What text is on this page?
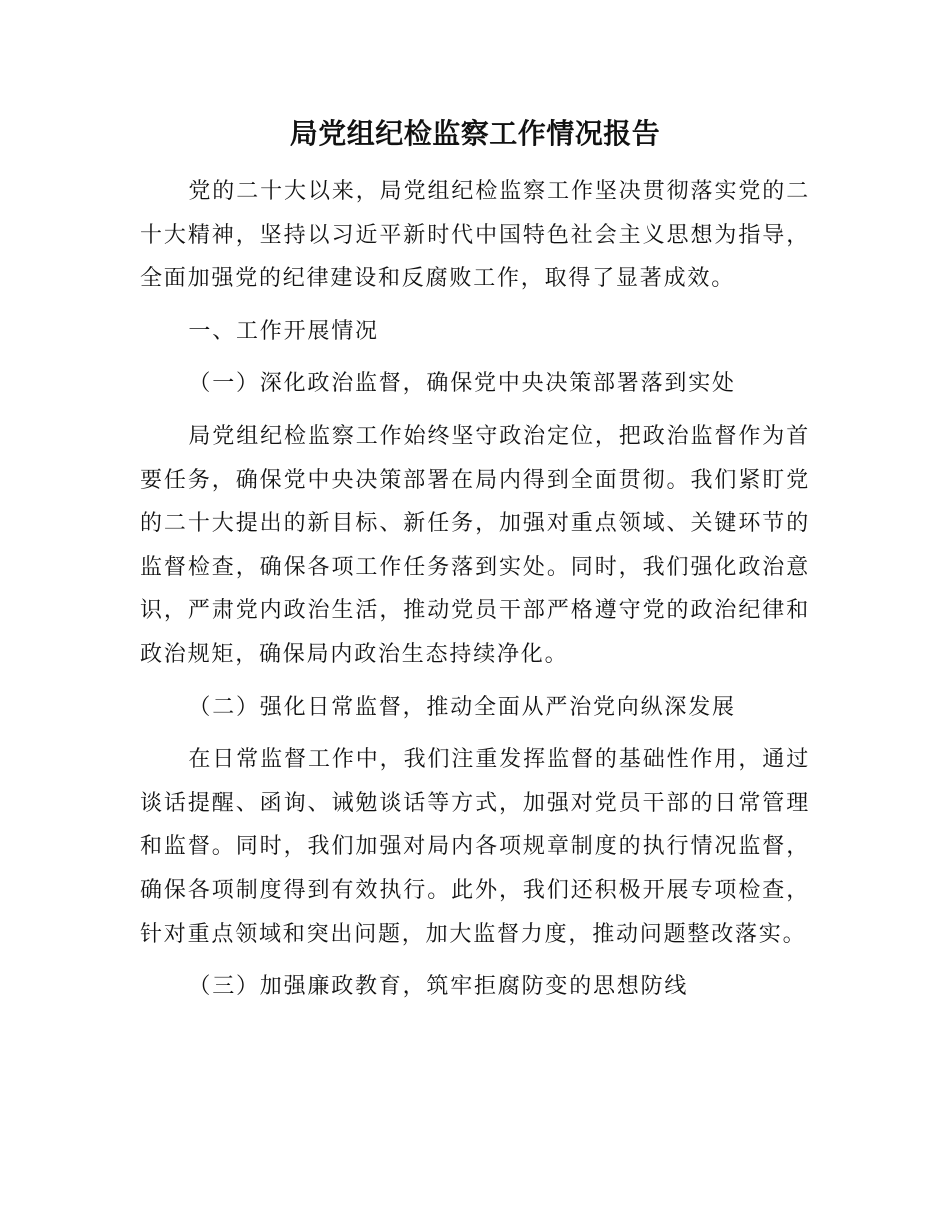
局党组纪检监察工作情况报告

党的二十大以来，局党组纪检监察工作坚决贯彻落实党的二十大精神，坚持以习近平新时代中国特色社会主义思想为指导，全面加强党的纪律建设和反腐败工作，取得了显著成效。

一、工作开展情况

（一）深化政治监督，确保党中央决策部署落到实处

局党组纪检监察工作始终坚守政治定位，把政治监督作为首要任务，确保党中央决策部署在局内得到全面贯彻。我们紧盯党的二十大提出的新目标、新任务，加强对重点领域、关键环节的监督检查，确保各项工作任务落到实处。同时，我们强化政治意识，严肃党内政治生活，推动党员干部严格遵守党的政治纪律和政治规矩，确保局内政治生态持续净化。

（二）强化日常监督，推动全面从严治党向纵深发展

在日常监督工作中，我们注重发挥监督的基础性作用，通过谈话提醒、函询、诫勉谈话等方式，加强对党员干部的日常管理和监督。同时，我们加强对局内各项规章制度的执行情况监督，确保各项制度得到有效执行。此外，我们还积极开展专项检查，针对重点领域和突出问题，加大监督力度，推动问题整改落实。

（三）加强廉政教育，筑牢拒腐防变的思想防线
